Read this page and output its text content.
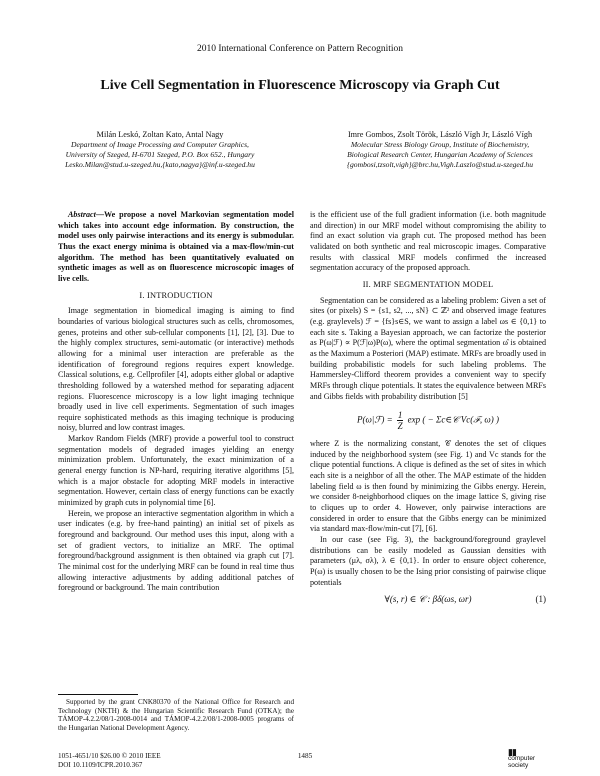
2010 International Conference on Pattern Recognition
Live Cell Segmentation in Fluorescence Microscopy via Graph Cut
Milán Leskó, Zoltan Kato, Antal Nagy
Department of Image Processing and Computer Graphics,
University of Szeged, H-6701 Szeged, P.O. Box 652., Hungary
Lesko.Milan@stud.u-szeged.hu,{kato,nagya}@inf.u-szeged.hu
Imre Gombos, Zsolt Török, László Vígh Jr, László Vígh
Molecular Stress Biology Group, Institute of Biochemistry,
Biological Research Center, Hungarian Academy of Sciences
{gombosi,tzsolt,vigh}@brc.hu,Vigh.Laszlo@stud.u-szeged.hu

Abstract—We propose a novel Markovian segmentation model which takes into account edge information. By construction, the model uses only pairwise interactions and its energy is submodular. Thus the exact energy minima is obtained via a max-flow/min-cut algorithm. The method has been quantitatively evaluated on synthetic images as well as on fluorescence microscopic images of live cells.

I. INTRODUCTION

Image segmentation in biomedical imaging is aiming to find boundaries of various biological structures such as cells, chromosomes, genes, proteins and other sub-cellular components [1], [2], [3]. Due to the highly complex structures, semi-automatic (or interactive) methods allowing for a minimal user interaction are preferable as the identification of foreground regions requires expert knowledge. Classical solutions, e.g. Cellprofiler [4], adopts either global or adaptive thresholding followed by a watershed method for separating adjacent regions. Fluorescence microscopy is a low light imaging technique broadly used in live cell experiments. Segmentation of such images require sophisticated methods as this imaging technique is producing noisy, blurred and low contrast images.

Markov Random Fields (MRF) provide a powerful tool to construct segmentation models of degraded images yielding an energy minimization problem. Unfortunately, the exact minimization of a general energy function is NP-hard, requiring iterative algorithms [5], which is a major obstacle for adopting MRF models in interactive segmentation. However, certain class of energy functions can be exactly minimized by graph cuts in polynomial time [6].

Herein, we propose an interactive segmentation algorithm in which a user indicates (e.g. by free-hand painting) an initial set of pixels as foreground and background. Our method uses this input, along with a set of gradient vectors, to initialize an MRF. The optimal foreground/background assignment is then obtained via graph cut [7]. The minimal cost for the underlying MRF can be found in real time thus allowing interactive adjustments by adding additional patches of foreground or background. The main contribution

Supported by the grant CNK80370 of the National Office for Research and Technology (NKTH) & the Hungarian Scientific Research Fund (OTKA); the TÁMOP-4.2.2/08/1-2008-0014 and TÁMOP-4.2.2/08/1-2008-0005 programs of the Hungarian National Development Agency.

is the efficient use of the full gradient information (i.e. both magnitude and direction) in our MRF model without compromising the ability to find an exact solution via graph cut. The proposed method has been validated on both synthetic and real microscopic images. Comparative results with classical MRF models confirmed the increased segmentation accuracy of the proposed approach.

II. MRF SEGMENTATION MODEL

Segmentation can be considered as a labeling problem: Given a set of sites (or pixels) S = {s1, s2, ..., sN} ⊂ ℤ² and observed image features (e.g. graylevels) ℱ = {fs}s∈S, we want to assign a label ωs ∈ {0,1} to each site s. Taking a Bayesian approach, we can factorize the posterior as P(ω|ℱ) ∝ P(ℱ|ω)P(ω), where the optimal segmentation ω̂ is obtained as the Maximum a Posteriori (MAP) estimate. MRFs are broadly used in building probabilistic models for such labeling problems. The Hammersley-Clifford theorem provides a convenient way to specify MRFs through clique potentials. It states the equivalence between MRFs and Gibbs fields with probability distribution [5]

P(ω|ℱ) = $\frac{1}{Z}$ exp ( − Σc∈𝒞 Vc(ℱ, ω) )

where Z is the normalizing constant, 𝒞 denotes the set of cliques induced by the neighborhood system (see Fig. 1) and Vc stands for the clique potential functions. A clique is defined as the set of sites in which each site is a neighbor of all the other. The MAP estimate of the hidden labeling field ω is then found by minimizing the Gibbs energy. Herein, we consider 8-neighborhood cliques on the image lattice S, giving rise to cliques up to order 4. However, only pairwise interactions are considered in order to ensure that the Gibbs energy can be minimized via standard max-flow/min-cut [7], [6].

In our case (see Fig. 3), the background/foreground graylevel distributions can be easily modeled as Gaussian densities with parameters (μλ, σλ), λ ∈ {0,1}. In order to ensure object coherence, P(ω) is usually chosen to be the Ising prior consisting of pairwise clique potentials

∀(s, r) ∈ 𝒞 : βδ(ωs, ωr)	(1)
1051-4651/10 $26.00 © 2010 IEEE
DOI 10.1109/ICPR.2010.367
1485	▮▮
computer
society
